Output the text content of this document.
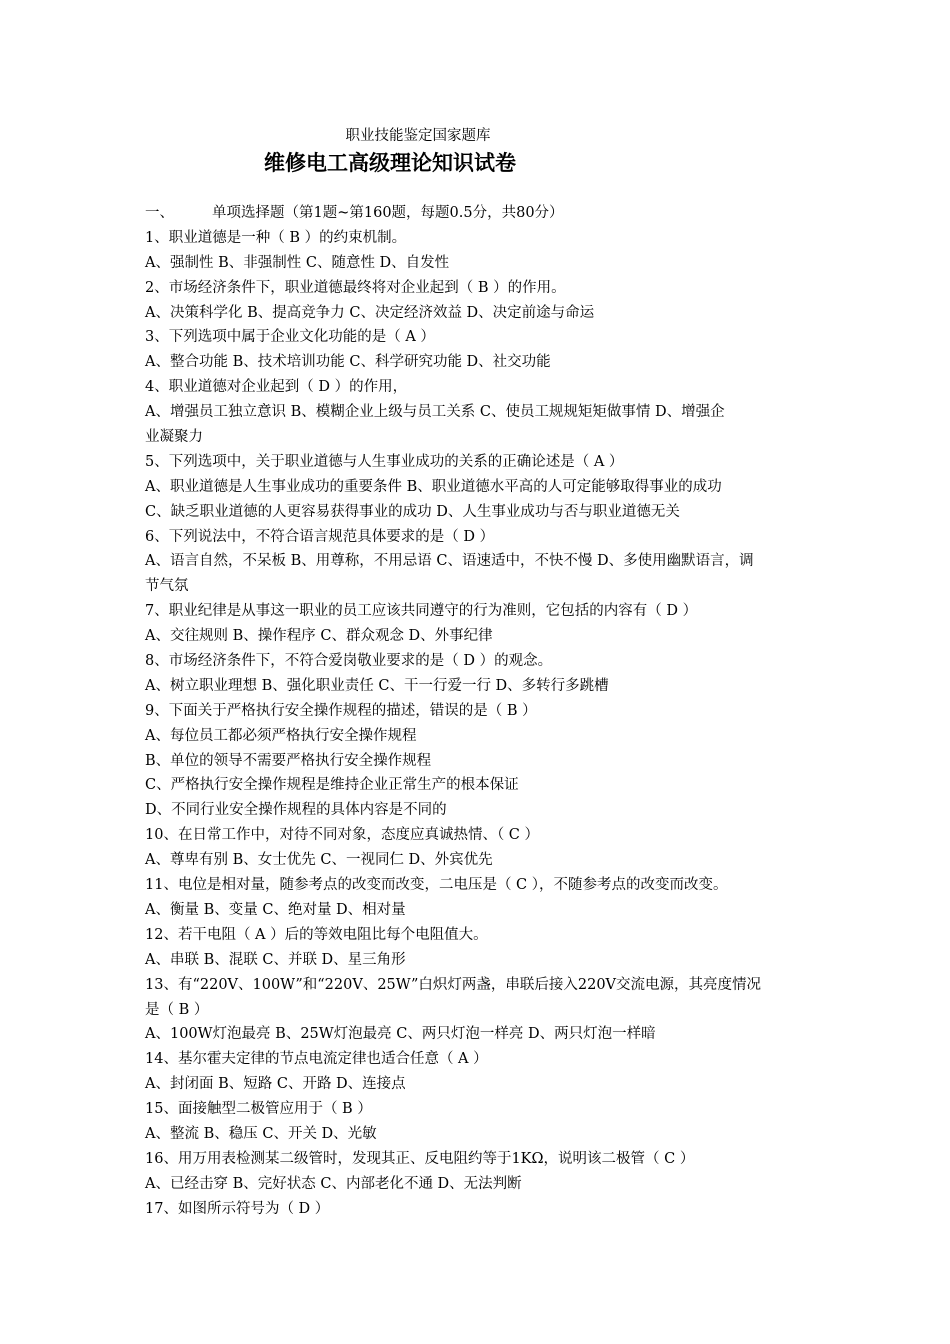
职业技能鉴定国家题库
维修电工高级理论知识试卷
一、	单项选择题（第1题~第160题，每题0.5分，共80分）
1、职业道德是一种（ B ）的约束机制。
A、强制性 B、非强制性 C、随意性 D、自发性
2、市场经济条件下，职业道德最终将对企业起到（ B ）的作用。
A、决策科学化 B、提高竞争力 C、决定经济效益 D、决定前途与命运
3、下列选项中属于企业文化功能的是（ A ）
A、整合功能 B、技术培训功能 C、科学研究功能 D、社交功能
4、职业道德对企业起到（ D ）的作用，
A、增强员工独立意识 B、模糊企业上级与员工关系 C、使员工规规矩矩做事情 D、增强企
业凝聚力
5、下列选项中，关于职业道德与人生事业成功的关系的正确论述是（ A ）
A、职业道德是人生事业成功的重要条件 B、职业道德水平高的人可定能够取得事业的成功
C、缺乏职业道德的人更容易获得事业的成功 D、人生事业成功与否与职业道德无关
6、下列说法中，不符合语言规范具体要求的是（ D ）
A、语言自然，不呆板 B、用尊称，不用忌语 C、语速适中，不快不慢 D、多使用幽默语言，调
节气氛
7、职业纪律是从事这一职业的员工应该共同遵守的行为准则，它包括的内容有（ D ）
A、交往规则 B、操作程序 C、群众观念 D、外事纪律
8、市场经济条件下，不符合爱岗敬业要求的是（ D ）的观念。
A、树立职业理想 B、强化职业责任 C、干一行爱一行 D、多转行多跳槽
9、下面关于严格执行安全操作规程的描述，错误的是（ B ）
A、每位员工都必须严格执行安全操作规程
B、单位的领导不需要严格执行安全操作规程
C、严格执行安全操作规程是维持企业正常生产的根本保证
D、不同行业安全操作规程的具体内容是不同的
10、在日常工作中，对待不同对象，态度应真诚热情、（ C ）
A、尊卑有别 B、女士优先 C、一视同仁 D、外宾优先
11、电位是相对量，随参考点的改变而改变，二电压是（ C ），不随参考点的改变而改变。
A、衡量 B、变量 C、绝对量 D、相对量
12、若干电阻（ A ）后的等效电阻比每个电阻值大。
A、串联 B、混联 C、并联 D、星三角形
13、有“220V、100W”和“220V、25W”白炽灯两盏，串联后接入220V交流电源，其亮度情况
是（ B ）
A、100W灯泡最亮 B、25W灯泡最亮 C、两只灯泡一样亮 D、两只灯泡一样暗
14、基尔霍夫定律的节点电流定律也适合任意（ A ）
A、封闭面 B、短路 C、开路 D、连接点
15、面接触型二极管应用于（ B ）
A、整流 B、稳压 C、开关 D、光敏
16、用万用表检测某二级管时，发现其正、反电阻约等于1KΩ，说明该二极管（ C ）
A、已经击穿 B、完好状态 C、内部老化不通 D、无法判断
17、如图所示符号为（ D ）
